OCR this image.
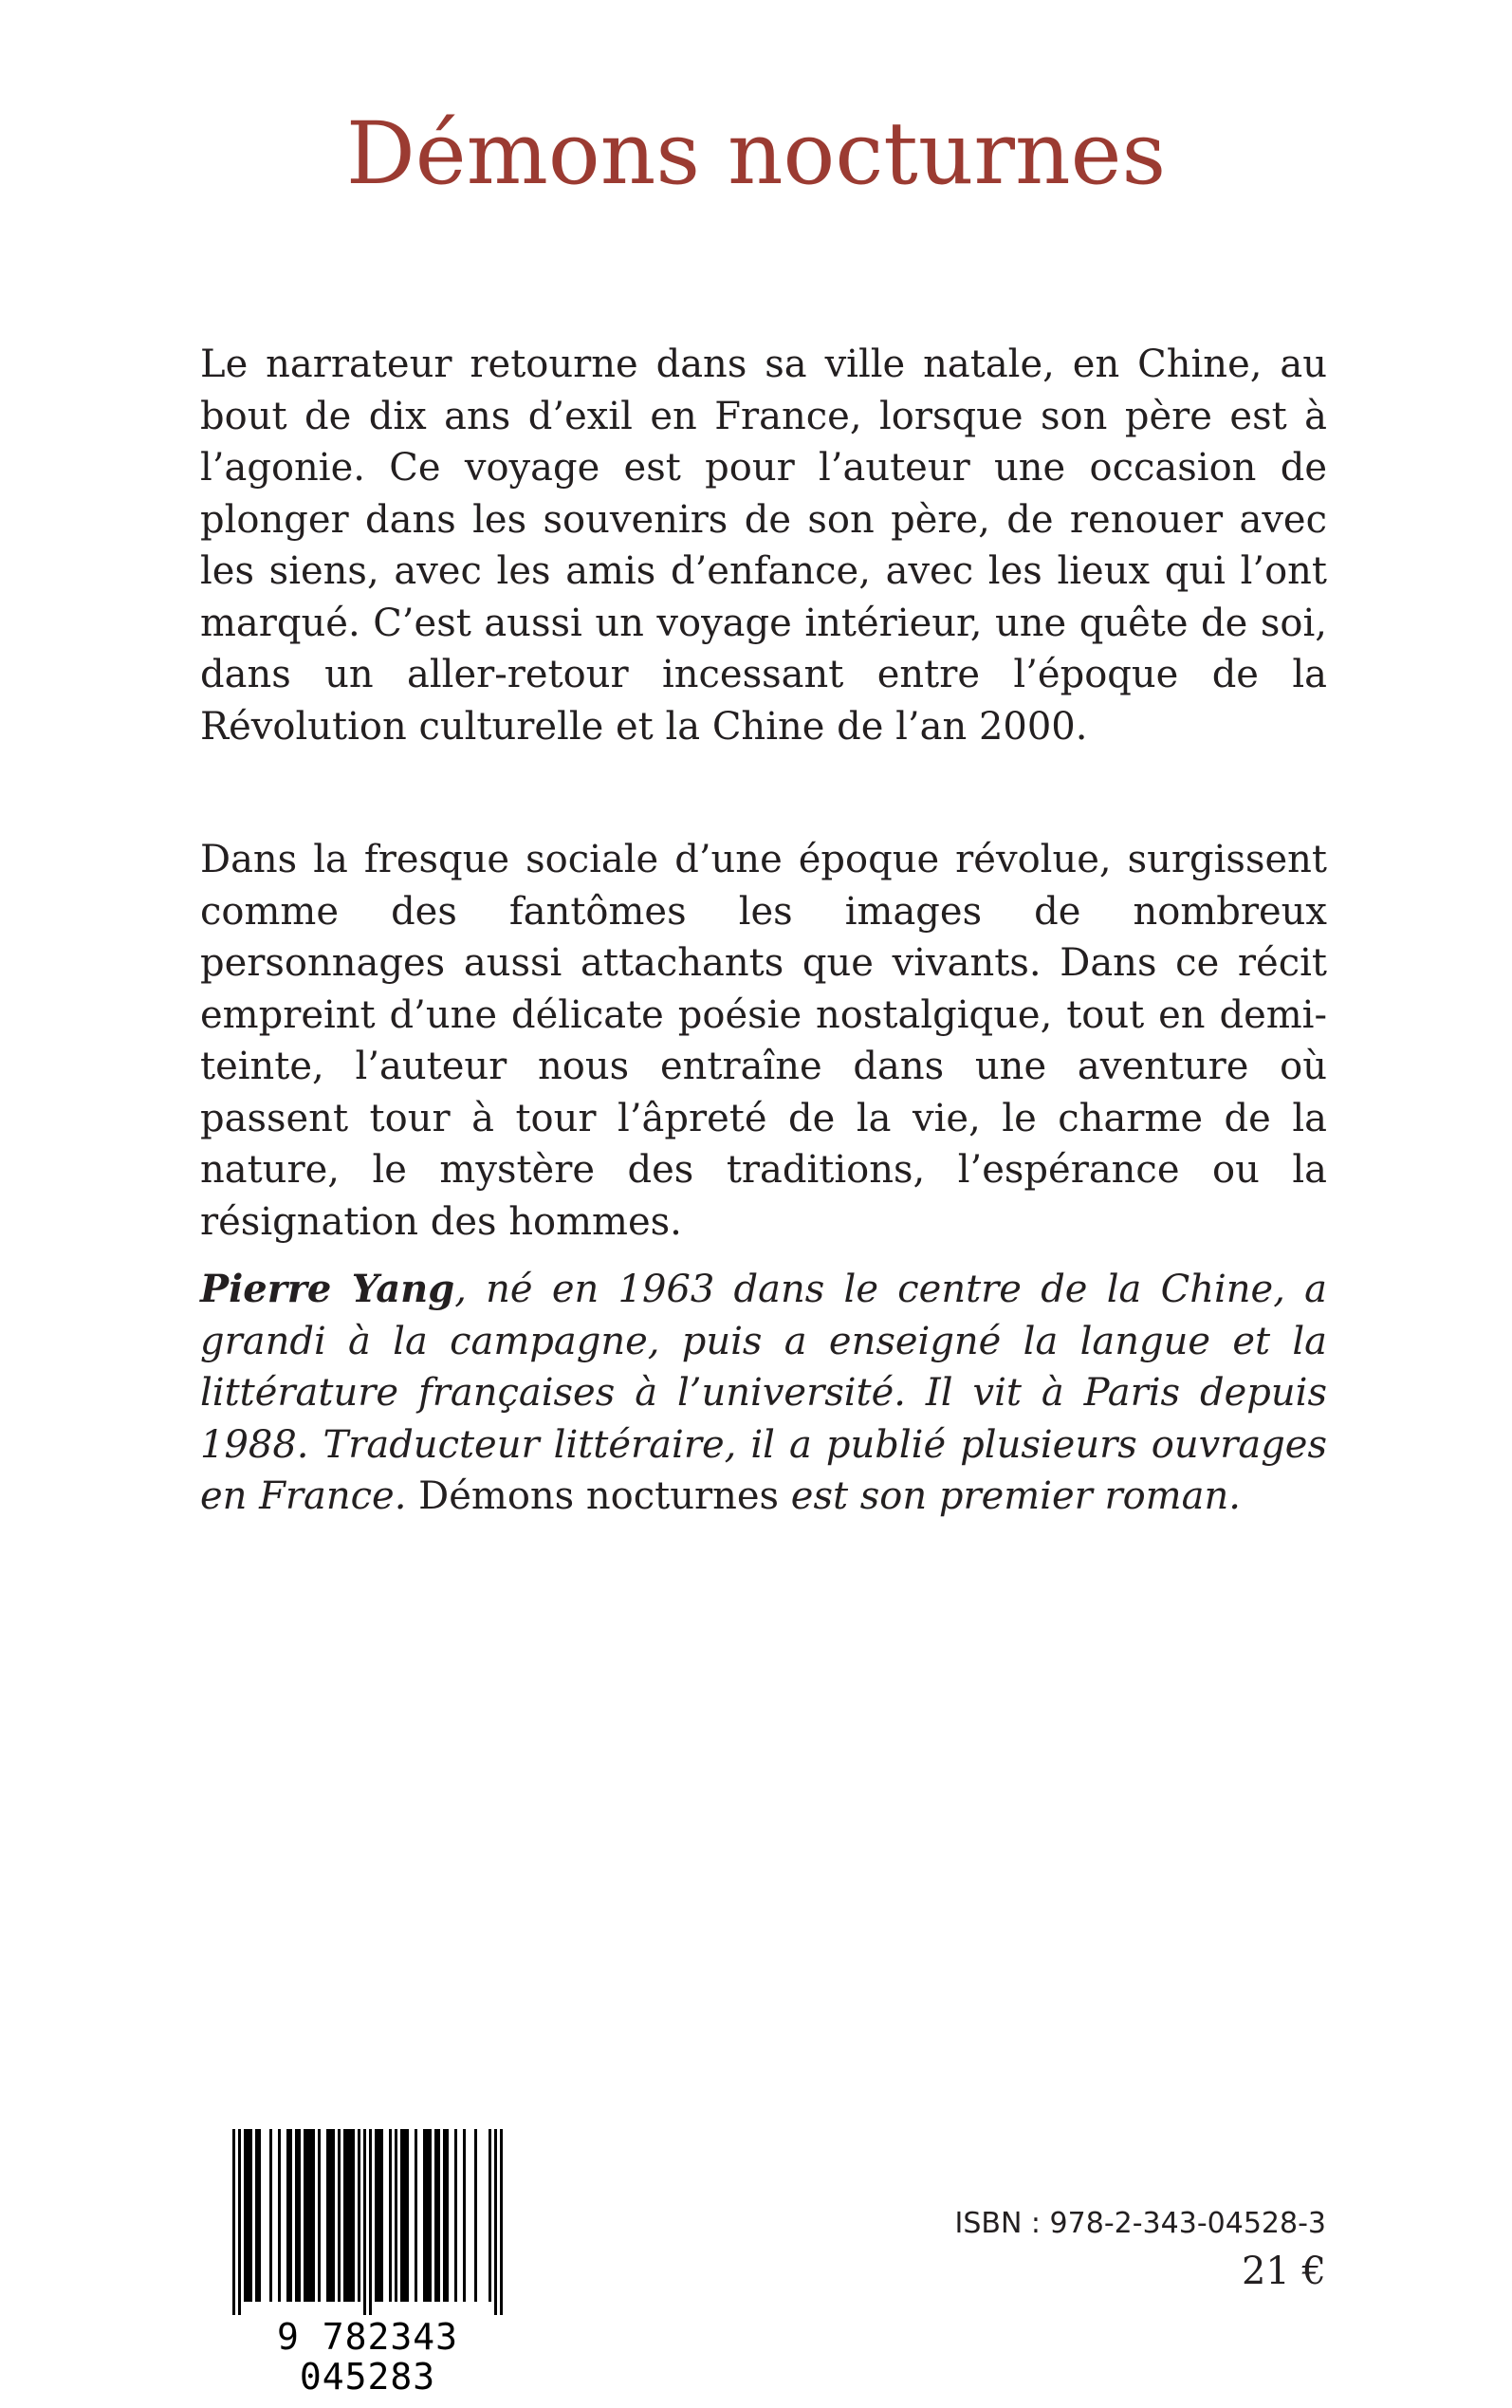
Démons nocturnes

Le narrateur retourne dans sa ville natale, en Chine, au bout de dix ans d’exil en France, lorsque son père est à l’agonie. Ce voyage est pour l’auteur une occasion de plonger dans les souvenirs de son père, de renouer avec les siens, avec les amis d’enfance, avec les lieux qui l’ont marqué. C’est aussi un voyage intérieur, une quête de soi, dans un aller-retour incessant entre l’époque de la Révolution culturelle et la Chine de l’an 2000.

Dans la fresque sociale d’une époque révolue, surgissent comme des fantômes les images de nombreux personnages aussi attachants que vivants. Dans ce récit empreint d’une délicate poésie nostalgique, tout en demi-teinte, l’auteur nous entraîne dans une aventure où passent tour à tour l’âpreté de la vie, le charme de la nature, le mystère des traditions, l’espérance ou la résignation des hommes.

Pierre Yang, né en 1963 dans le centre de la Chine, a grandi à la campagne, puis a enseigné la langue et la littérature françaises à l’université. Il vit à Paris depuis 1988. Traducteur littéraire, il a publié plusieurs ouvrages en France. Démons nocturnes est son premier roman.

9 782343 045283
ISBN : 978-2-343-04528-3
21 €
